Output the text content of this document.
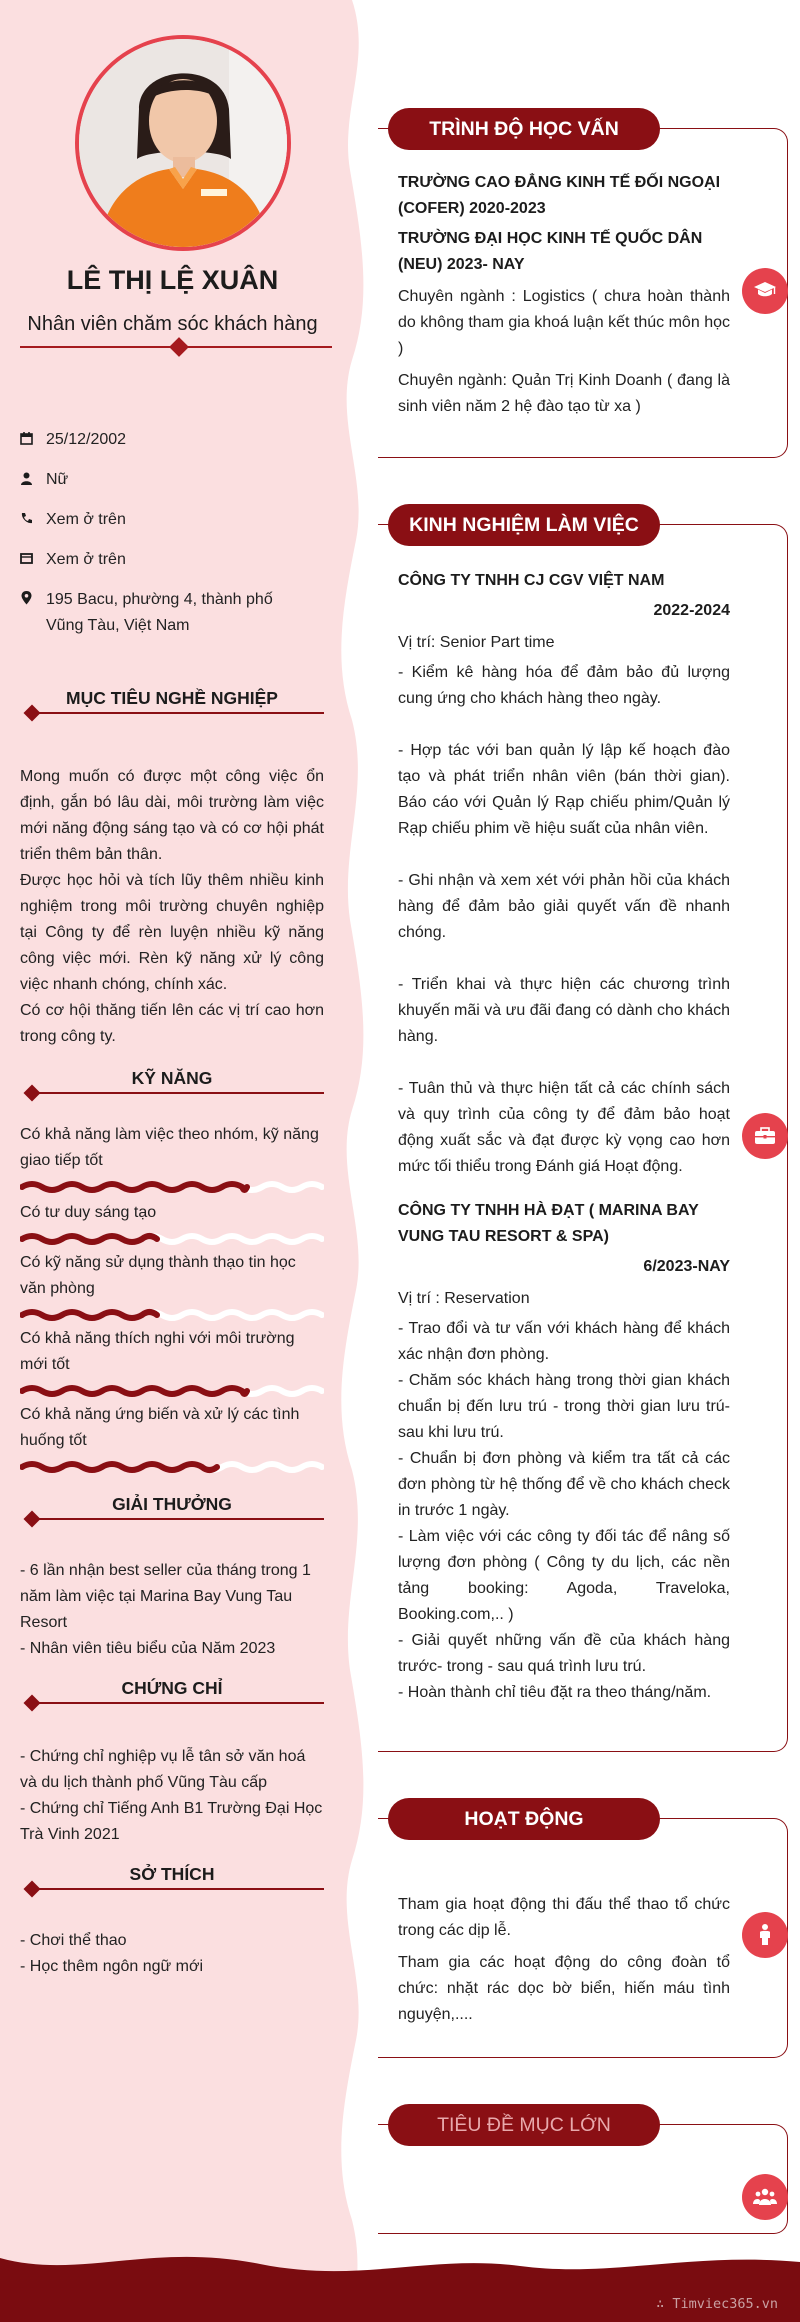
LÊ THỊ LỆ XUÂN
Nhân viên chăm sóc khách hàng
25/12/2002
Nữ
Xem ở trên
Xem ở trên
195 Bacu, phường 4, thành phố
Vũng Tàu, Việt Nam
MỤC TIÊU NGHỀ NGHIỆP
Mong muốn có được một công việc ổn định, gắn bó lâu dài, môi trường làm việc mới năng động sáng tạo và có cơ hội phát triển thêm bản thân.
Được học hỏi và tích lũy thêm nhiều kinh nghiệm trong môi trường chuyên nghiệp tại Công ty để rèn luyện nhiều kỹ năng công việc mới. Rèn kỹ năng xử lý công việc nhanh chóng, chính xác.
Có cơ hội thăng tiến lên các vị trí cao hơn trong công ty.
KỸ NĂNG
Có khả năng làm việc theo nhóm, kỹ năng giao tiếp tốt
Có tư duy sáng tạo
Có kỹ năng sử dụng thành thạo tin học văn phòng
Có khả năng thích nghi với môi trường mới tốt
Có khả năng ứng biến và xử lý các tình huống tốt
GIẢI THƯỞNG
- 6 lần nhận best seller của tháng trong 1 năm làm việc tại Marina Bay Vung Tau Resort
- Nhân viên tiêu biểu của Năm 2023
CHỨNG CHỈ
- Chứng chỉ nghiệp vụ lễ tân sở văn hoá và du lịch thành phố Vũng Tàu cấp
- Chứng chỉ Tiếng Anh B1 Trường Đại Học Trà Vinh 2021
SỞ THÍCH
- Chơi thể thao
- Học thêm ngôn ngữ mới
TRÌNH ĐỘ HỌC VẤN

TRƯỜNG CAO ĐẲNG KINH TẾ ĐỐI NGOẠI (COFER) 2020-2023

TRƯỜNG ĐẠI HỌC KINH TẾ QUỐC DÂN (NEU) 2023- NAY

Chuyên ngành : Logistics ( chưa hoàn thành do không tham gia khoá luận kết thúc môn học )

Chuyên ngành: Quản Trị Kinh Doanh ( đang là sinh viên năm 2 hệ đào tạo từ xa )

KINH NGHIỆM LÀM VIỆC

CÔNG TY TNHH CJ CGV VIỆT NAM

2022-2024

Vị trí: Senior Part time

- Kiểm kê hàng hóa để đảm bảo đủ lượng cung ứng cho khách hàng theo ngày.

- Hợp tác với ban quản lý lập kế hoạch đào tạo và phát triển nhân viên (bán thời gian). Báo cáo với Quản lý Rạp chiếu phim/Quản lý Rạp chiếu phim về hiệu suất của nhân viên.

- Ghi nhận và xem xét với phản hồi của khách hàng để đảm bảo giải quyết vấn đề nhanh chóng.

- Triển khai và thực hiện các chương trình khuyến mãi và ưu đãi đang có dành cho khách hàng.

- Tuân thủ và thực hiện tất cả các chính sách và quy trình của công ty để đảm bảo hoạt động xuất sắc và đạt được kỳ vọng cao hơn mức tối thiểu trong Đánh giá Hoạt động.

CÔNG TY TNHH HÀ ĐẠT ( MARINA BAY VUNG TAU RESORT & SPA)

6/2023-NAY

Vị trí : Reservation

- Trao đổi và tư vấn với khách hàng để khách xác nhận đơn phòng.

- Chăm sóc khách hàng trong thời gian khách chuẩn bị đến lưu trú - trong thời gian lưu trú- sau khi lưu trú.

- Chuẩn bị đơn phòng và kiểm tra tất cả các đơn phòng từ hệ thống để về cho khách check in trước 1 ngày.

- Làm việc với các công ty đối tác để nâng số lượng đơn phòng ( Công ty du lịch, các nền tảng booking: Agoda, Traveloka, Booking.com,.. )

- Giải quyết những vấn đề của khách hàng trước- trong - sau quá trình lưu trú.

- Hoàn thành chỉ tiêu đặt ra theo tháng/năm.

HOẠT ĐỘNG

Tham gia hoạt động thi đấu thể thao tổ chức trong các dịp lễ.

Tham gia các hoạt động do công đoàn tổ chức: nhặt rác dọc bờ biển, hiến máu tình nguyện,....

TIÊU ĐỀ MỤC LỚN
∴ Timviec365.vn
